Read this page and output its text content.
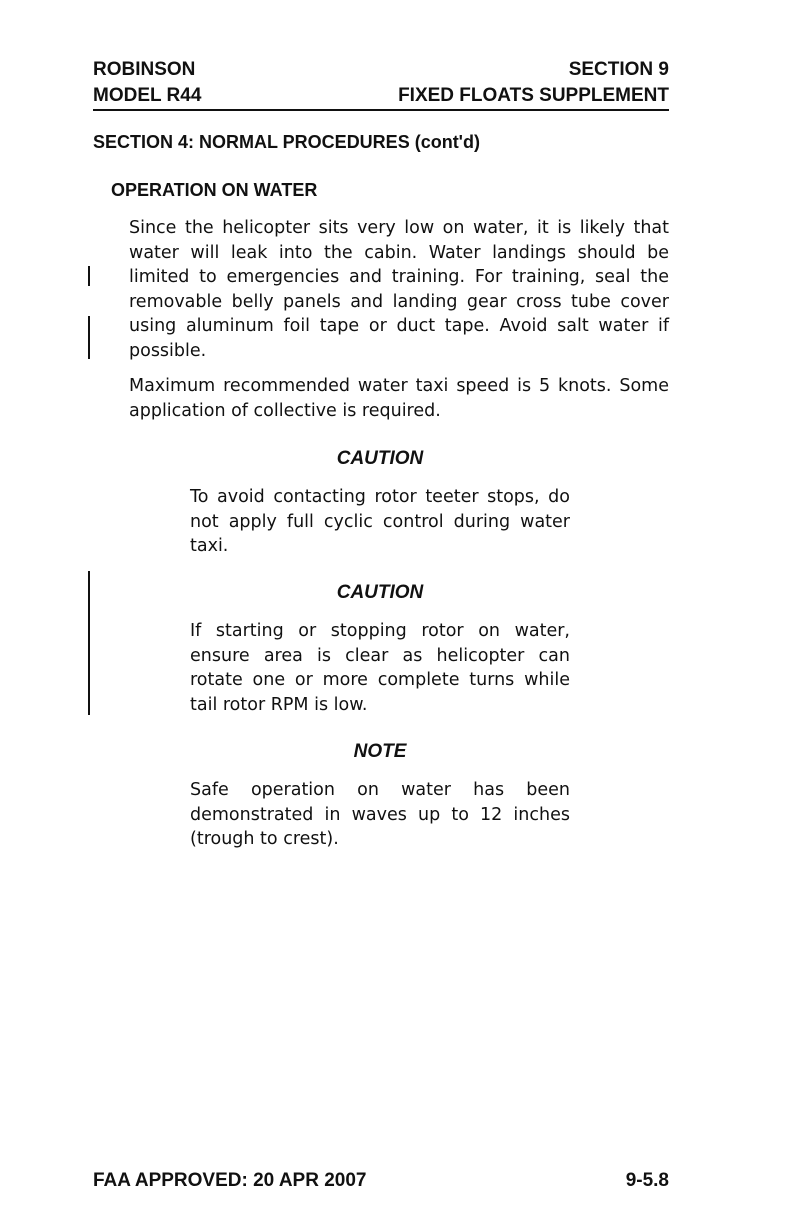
ROBINSON	SECTION 9
MODEL R44	FIXED FLOATS SUPPLEMENT
SECTION 4: NORMAL PROCEDURES (cont'd)
OPERATION ON WATER
Since the helicopter sits very low on water, it is likely that water will leak into the cabin. Water landings should be limited to emergencies and training. For training, seal the removable belly panels and landing gear cross tube cover using aluminum foil tape or duct tape. Avoid salt water if possible.
Maximum recommended water taxi speed is 5 knots. Some application of collective is required.
CAUTION
To avoid contacting rotor teeter stops, do not apply full cyclic control during water taxi.
CAUTION
If starting or stopping rotor on water, ensure area is clear as helicopter can rotate one or more complete turns while tail rotor RPM is low.
NOTE
Safe operation on water has been demonstrated in waves up to 12 inches (trough to crest).
FAA APPROVED: 20 APR 2007	9-5.8
